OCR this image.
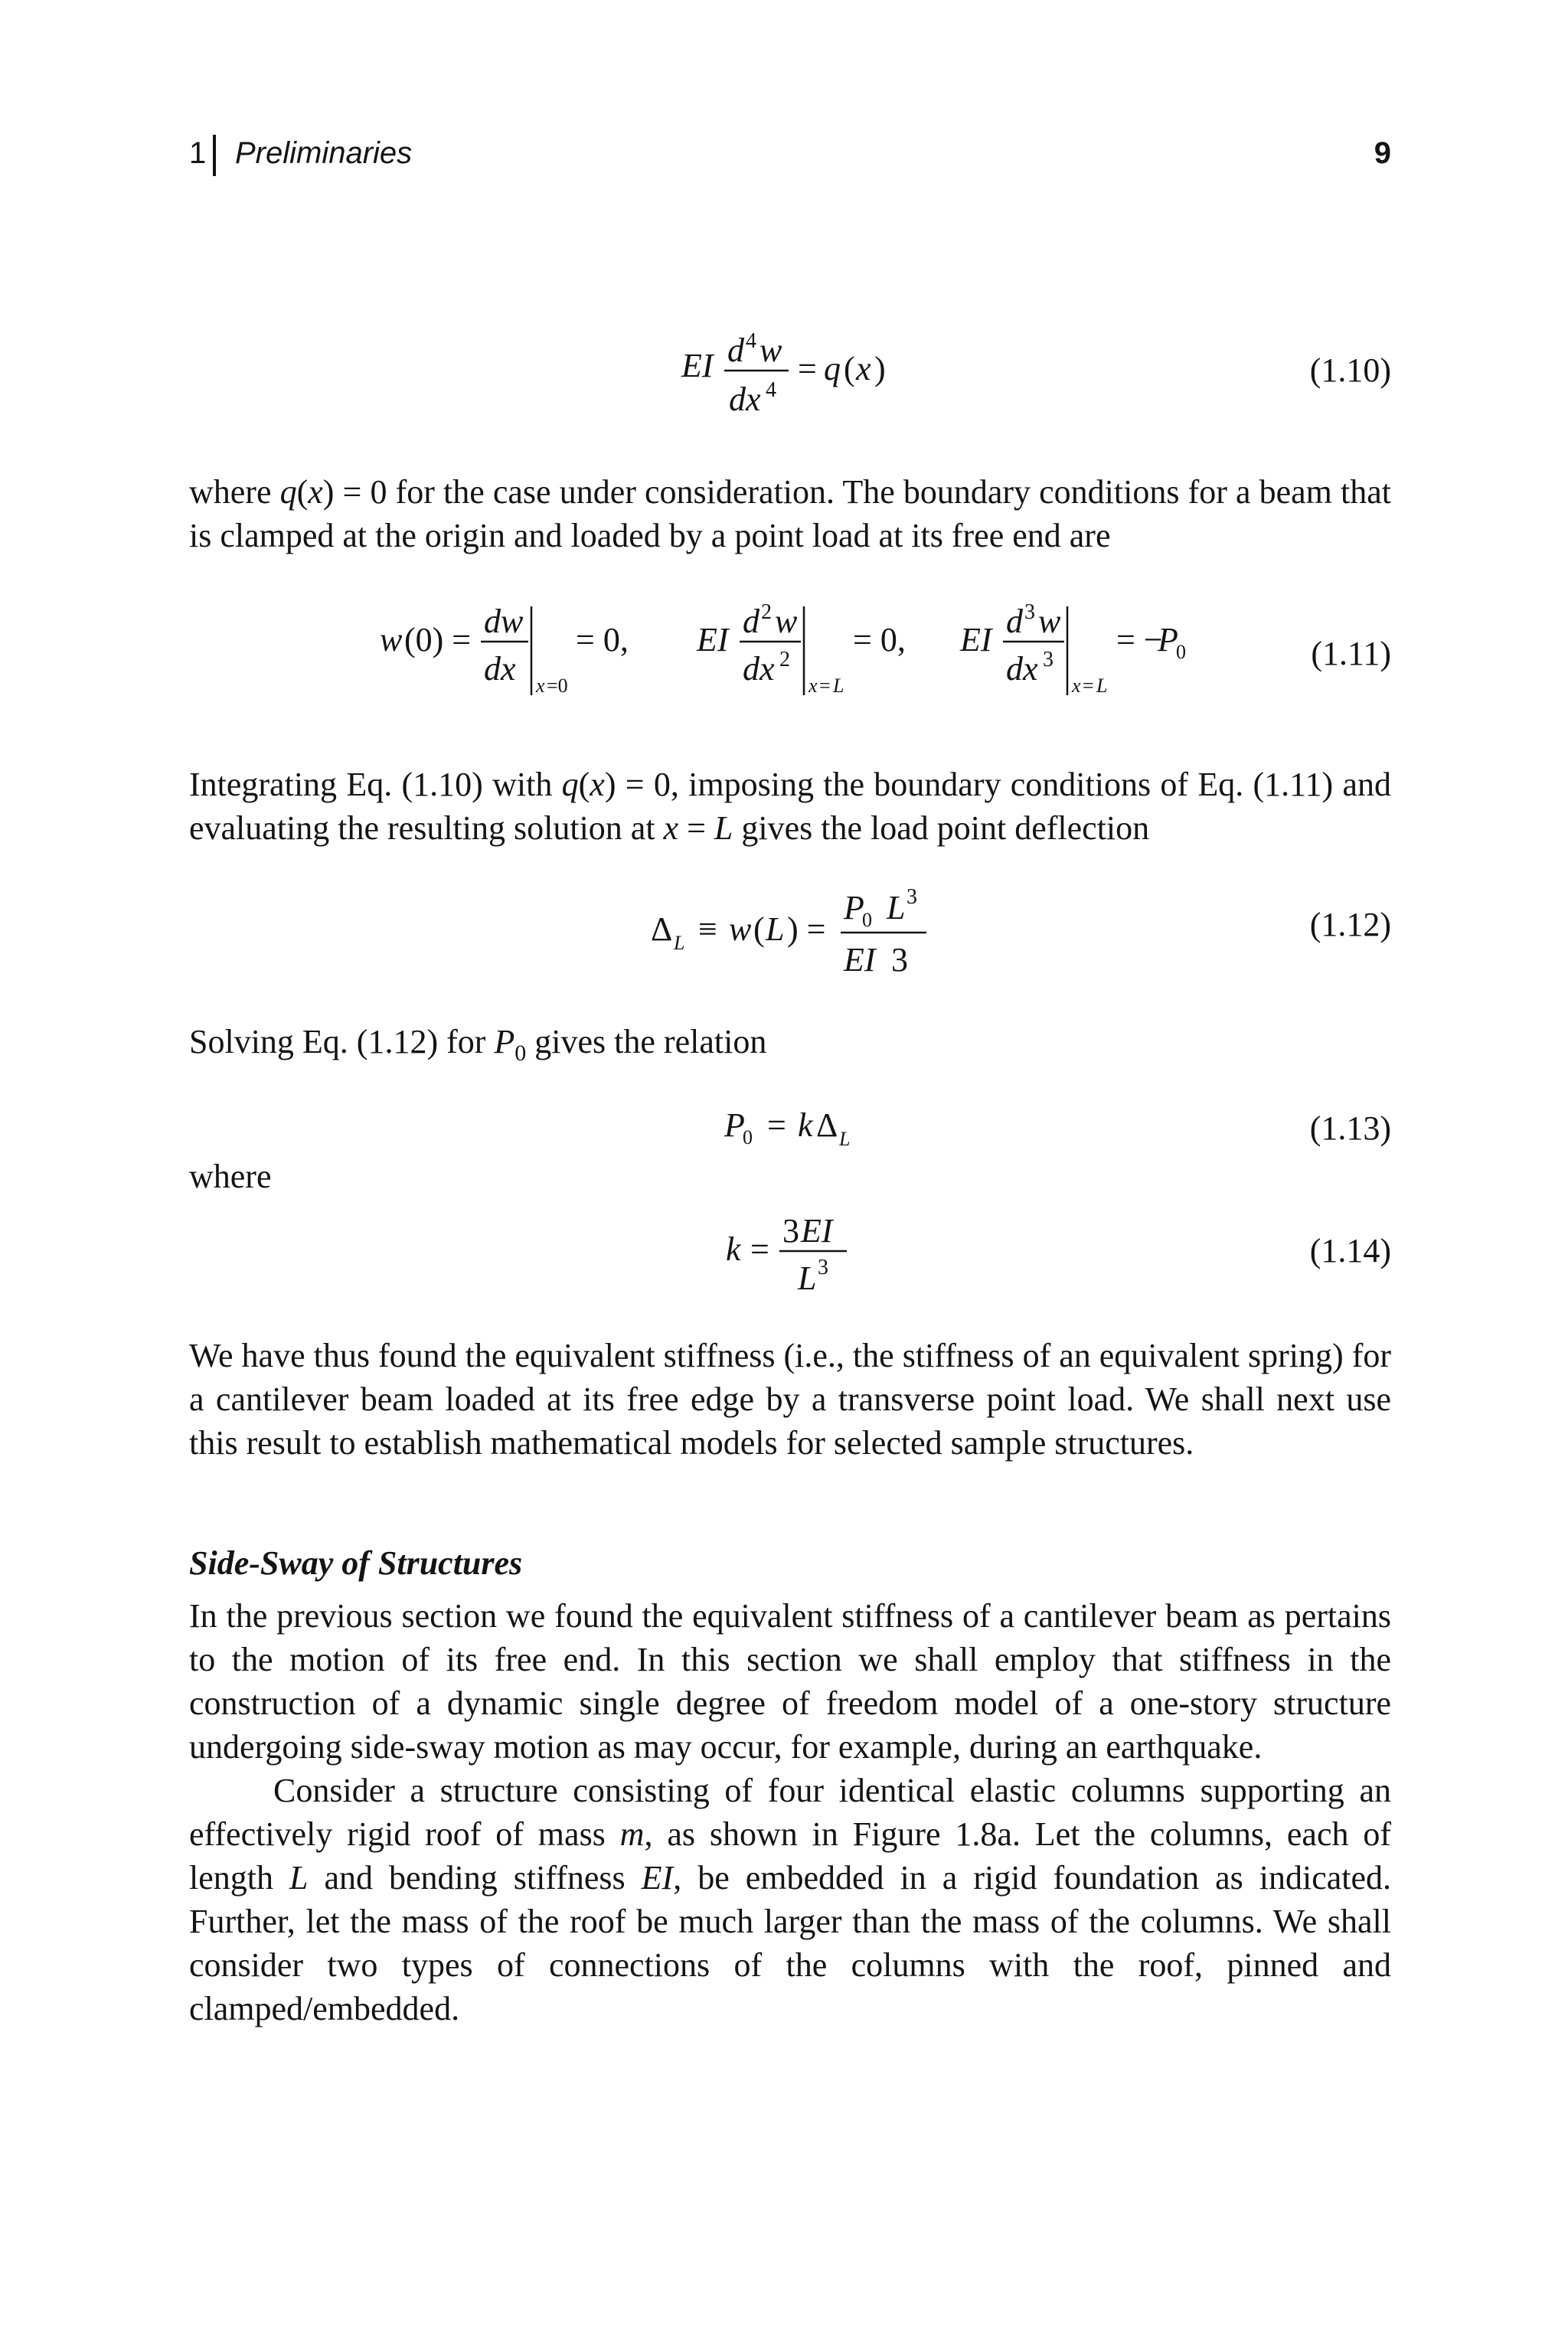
1 Preliminaries	9
EI d 4 w
dx 4
= q ( x )	(1.10)

where q(x) = 0 for the case under consideration. The boundary conditions for a beam that is clamped at the origin and loaded by a point load at its free end are

w (0) = dw
dx x =0
= 0, EI d 2 w
dx 2
x = L
= 0, EI d 3 w
dx 3
x = L
= −
P
0	(1.11)

Integrating Eq. (1.10) with q(x) = 0, imposing the boundary conditions of Eq. (1.11) and evaluating the resulting solution at x = L gives the load point deflection

Δ L ≡ w ( L ) =
P
0 L 3
EI 3
(1.12)

Solving Eq. (1.12) for $P_0$ gives the relation

P
0 = k Δ L	(1.13)

where

k = 3 EI
L 3	(1.14)

We have thus found the equivalent stiffness (i.e., the stiffness of an equivalent spring) for a cantilever beam loaded at its free edge by a transverse point load. We shall next use this result to establish mathematical models for selected sample structures.

Side-Sway of Structures

In the previous section we found the equivalent stiffness of a cantilever beam as pertains to the motion of its free end. In this section we shall employ that stiffness in the construction of a dynamic single degree of freedom model of a one-story structure undergoing side-sway motion as may occur, for example, during an earthquake.

Consider a structure consisting of four identical elastic columns supporting an effectively rigid roof of mass m, as shown in Figure 1.8a. Let the columns, each of length L and bending stiffness EI, be embedded in a rigid foundation as indicated. Further, let the mass of the roof be much larger than the mass of the columns. We shall consider two types of connections of the columns with the roof, pinned and clamped/embedded.
